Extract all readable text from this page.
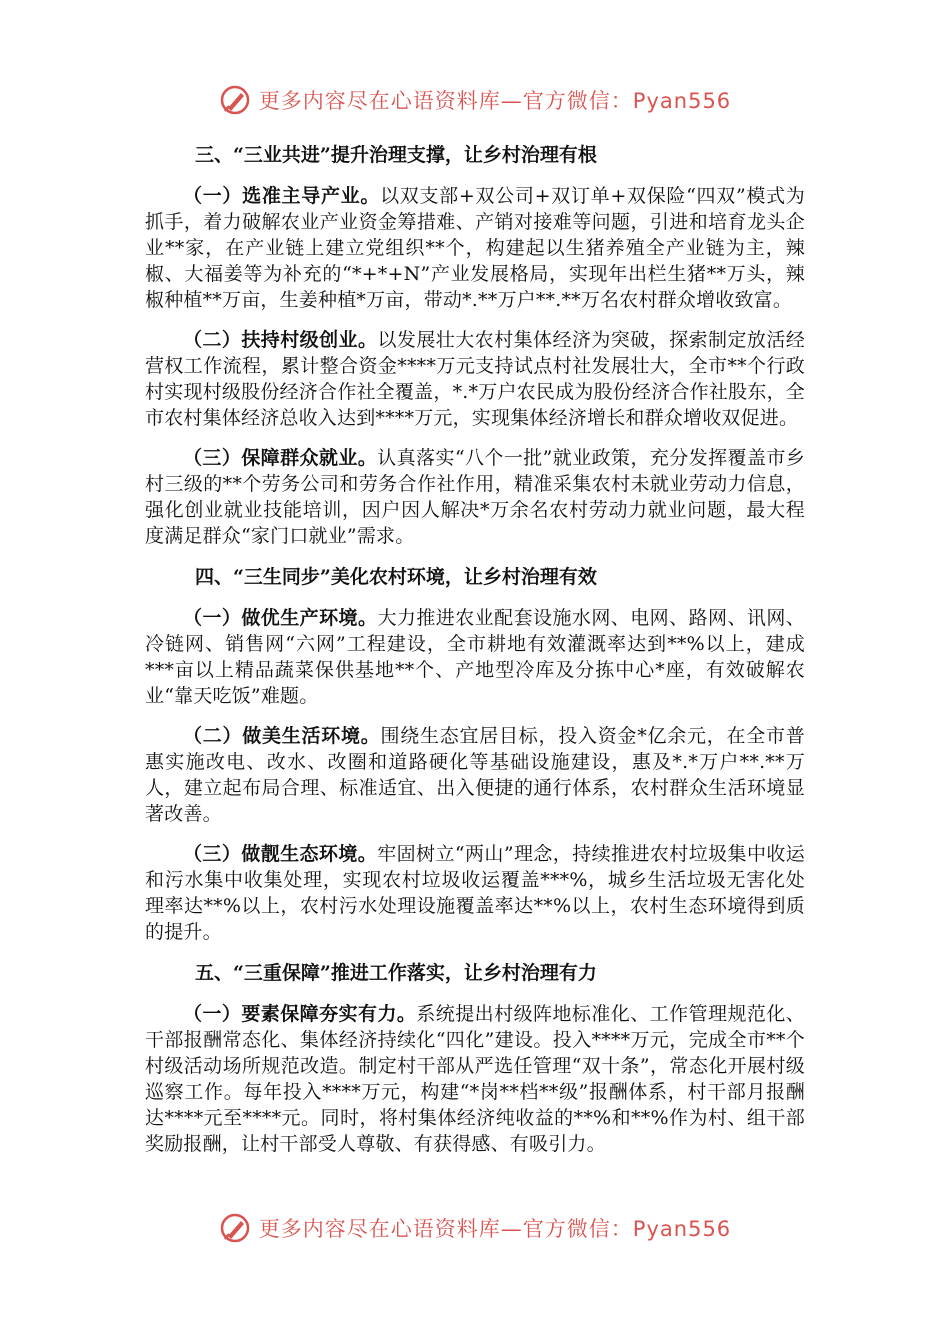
更多内容尽在心语资料库—官方微信：Pyan556
三、“三业共进”提升治理支撑，让乡村治理有根

（一）选准主导产业。以双支部+双公司+双订单+双保险“四双”模式为抓手，着力破解农业产业资金筹措难、产销对接难等问题，引进和培育龙头企业**家，在产业链上建立党组织**个，构建起以生猪养殖全产业链为主，辣椒、大福姜等为补充的“*+*+N”产业发展格局，实现年出栏生猪**万头，辣椒种植**万亩，生姜种植*万亩，带动*.**万户**.**万名农村群众增收致富。

（二）扶持村级创业。以发展壮大农村集体经济为突破，探索制定放活经营权工作流程，累计整合资金****万元支持试点村社发展壮大，全市**个行政村实现村级股份经济合作社全覆盖，*.*万户农民成为股份经济合作社股东，全市农村集体经济总收入达到****万元，实现集体经济增长和群众增收双促进。

（三）保障群众就业。认真落实“八个一批”就业政策，充分发挥覆盖市乡村三级的**个劳务公司和劳务合作社作用，精准采集农村未就业劳动力信息，强化创业就业技能培训，因户因人解决*万余名农村劳动力就业问题，最大程度满足群众“家门口就业”需求。

四、“三生同步”美化农村环境，让乡村治理有效

（一）做优生产环境。大力推进农业配套设施水网、电网、路网、讯网、冷链网、销售网“六网”工程建设，全市耕地有效灌溉率达到**%以上，建成***亩以上精品蔬菜保供基地**个、产地型冷库及分拣中心*座，有效破解农业“靠天吃饭”难题。

（二）做美生活环境。围绕生态宜居目标，投入资金*亿余元，在全市普惠实施改电、改水、改圈和道路硬化等基础设施建设，惠及*.*万户**.**万人，建立起布局合理、标准适宜、出入便捷的通行体系，农村群众生活环境显著改善。

（三）做靓生态环境。牢固树立“两山”理念，持续推进农村垃圾集中收运和污水集中收集处理，实现农村垃圾收运覆盖***%，城乡生活垃圾无害化处理率达**%以上，农村污水处理设施覆盖率达**%以上，农村生态环境得到质的提升。

五、“三重保障”推进工作落实，让乡村治理有力

（一）要素保障夯实有力。系统提出村级阵地标准化、工作管理规范化、干部报酬常态化、集体经济持续化“四化”建设。投入****万元，完成全市**个村级活动场所规范改造。制定村干部从严选任管理“双十条”，常态化开展村级巡察工作。每年投入****万元，构建“*岗**档**级”报酬体系，村干部月报酬达****元至****元。同时，将村集体经济纯收益的**%和**%作为村、组干部奖励报酬，让村干部受人尊敬、有获得感、有吸引力。

更多内容尽在心语资料库—官方微信：Pyan556
